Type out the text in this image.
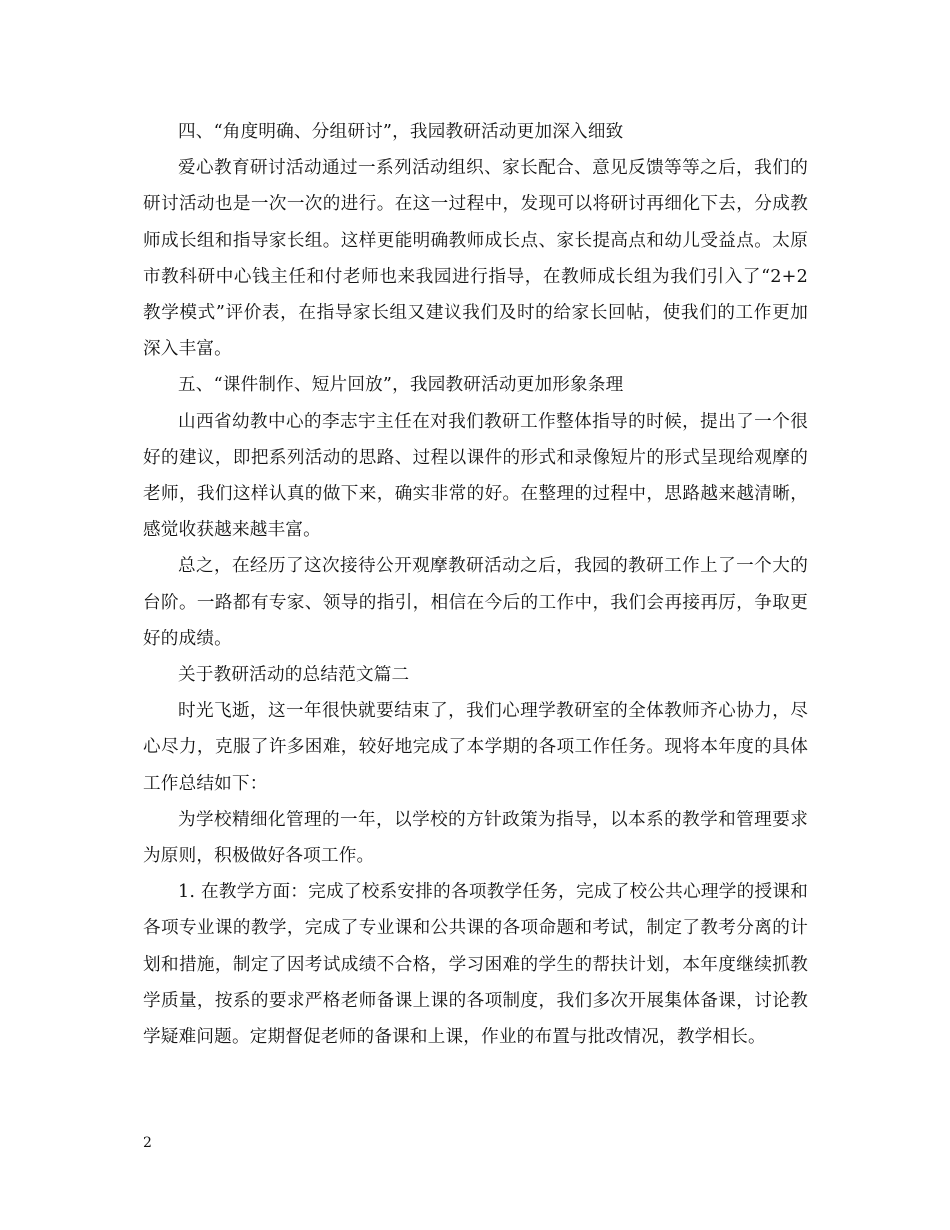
四、“角度明确、分组研讨”，我园教研活动更加深入细致

爱心教育研讨活动通过一系列活动组织、家长配合、意见反馈等等之后，我们的研讨活动也是一次一次的进行。在这一过程中，发现可以将研讨再细化下去，分成教师成长组和指导家长组。这样更能明确教师成长点、家长提高点和幼儿受益点。太原市教科研中心钱主任和付老师也来我园进行指导，在教师成长组为我们引入了“2+2 教学模式”评价表，在指导家长组又建议我们及时的给家长回帖，使我们的工作更加深入丰富。

五、“课件制作、短片回放”，我园教研活动更加形象条理

山西省幼教中心的李志宇主任在对我们教研工作整体指导的时候，提出了一个很好的建议，即把系列活动的思路、过程以课件的形式和录像短片的形式呈现给观摩的老师，我们这样认真的做下来，确实非常的好。在整理的过程中，思路越来越清晰，感觉收获越来越丰富。

总之，在经历了这次接待公开观摩教研活动之后，我园的教研工作上了一个大的台阶。一路都有专家、领导的指引，相信在今后的工作中，我们会再接再厉，争取更好的成绩。

关于教研活动的总结范文篇二

时光飞逝，这一年很快就要结束了，我们心理学教研室的全体教师齐心协力，尽心尽力，克服了许多困难，较好地完成了本学期的各项工作任务。现将本年度的具体工作总结如下：

为学校精细化管理的一年，以学校的方针政策为指导，以本系的教学和管理要求为原则，积极做好各项工作。

1. 在教学方面：完成了校系安排的各项教学任务，完成了校公共心理学的授课和各项专业课的教学，完成了专业课和公共课的各项命题和考试，制定了教考分离的计划和措施，制定了因考试成绩不合格，学习困难的学生的帮扶计划，本年度继续抓教学质量，按系的要求严格老师备课上课的各项制度，我们多次开展集体备课，讨论教学疑难问题。定期督促老师的备课和上课，作业的布置与批改情况，教学相长。

2
